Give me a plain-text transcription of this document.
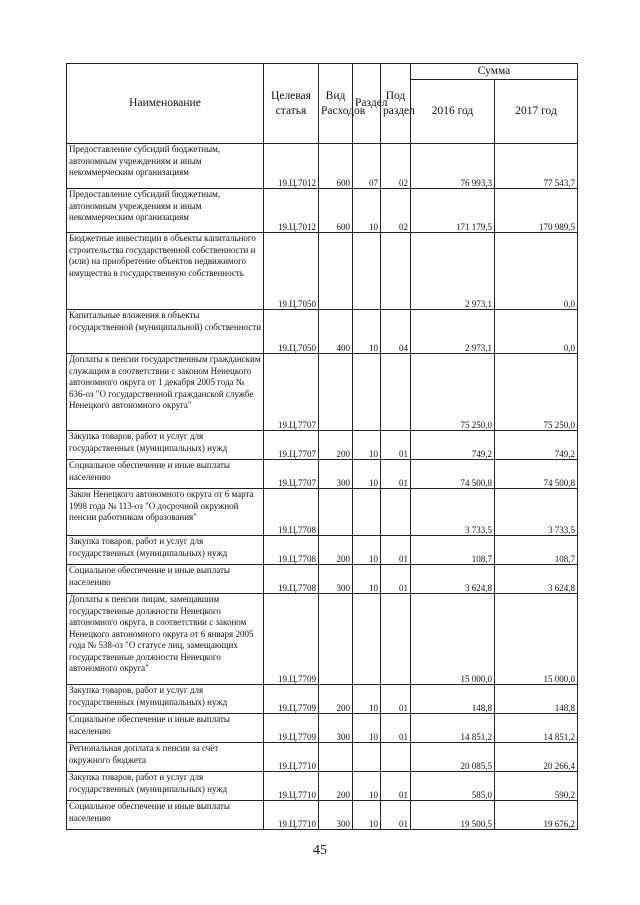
Наименование	Целевая статья	Вид Расходов	Раздел	Под раздел	Сумма	
					2016 год	2017 год
Предоставление субсидий бюджетным, автономным учреждениям и иным некоммерческим организациям	19.Ц.7012	600	07	02	76 993,3	77 543,7
Предоставление субсидий бюджетным, автономным учреждениям и иным некоммерческим организациям	19.Ц.7012	600	10	02	171 179,5	170 989,5
Бюджетные инвестиции в объекты капитального строительства государственной собственности и (или) на приобретение объектов недвижимого имущества в государственную собственность	19.Ц.7050				2 973,1	0,0
Капитальные вложения в объекты государственной (муниципальной) собственности	19.Ц.7050	400	10	04	2 973,1	0,0
Доплаты к пенсии государственным гражданским служащим в соответствии с законом Ненецкого автономного округа от 1 декабря 2005 года № 636-оз "О государственной гражданской службе Ненецкого автономного округа"	19.Ц.7707				75 250,0	75 250,0
Закупка товаров, работ и услуг для государственных (муниципальных) нужд	19.Ц.7707	200	10	01	749,2	749,2
Социальное обеспечение и иные выплаты населению	19.Ц.7707	300	10	01	74 500,8	74 500,8
Закон Ненецкого автономного округа от 6 марта 1998 года № 113-оз "О досрочной окружной пенсии работникам образования"	19.Ц.7708				3 733,5	3 733,5
Закупка товаров, работ и услуг для государственных (муниципальных) нужд	19.Ц.7708	200	10	01	108,7	108,7
Социальное обеспечение и иные выплаты населению	19.Ц.7708	300	10	01	3 624,8	3 624,8
Доплаты к пенсии лицам, замещавшим государственные должности Ненецкого автономного округа, в соответствии с законом Ненецкого автономного округа от 6 января 2005 года № 538-оз "О статусе лиц, замещающих государственные должности Ненецкого автономного округа"	19.Ц.7709				15 000,0	15 000,0
Закупка товаров, работ и услуг для государственных (муниципальных) нужд	19.Ц.7709	200	10	01	148,8	148,8
Социальное обеспечение и иные выплаты населению	19.Ц.7709	300	10	01	14 851,2	14 851,2
Региональная доплата к пенсии за счёт окружного бюджета	19.Ц.7710				20 085,5	20 266,4
Закупка товаров, работ и услуг для государственных (муниципальных) нужд	19.Ц.7710	200	10	01	585,0	590,2
Социальное обеспечение и иные выплаты населению	19.Ц.7710	300	10	01	19 500,5	19 676,2
45
